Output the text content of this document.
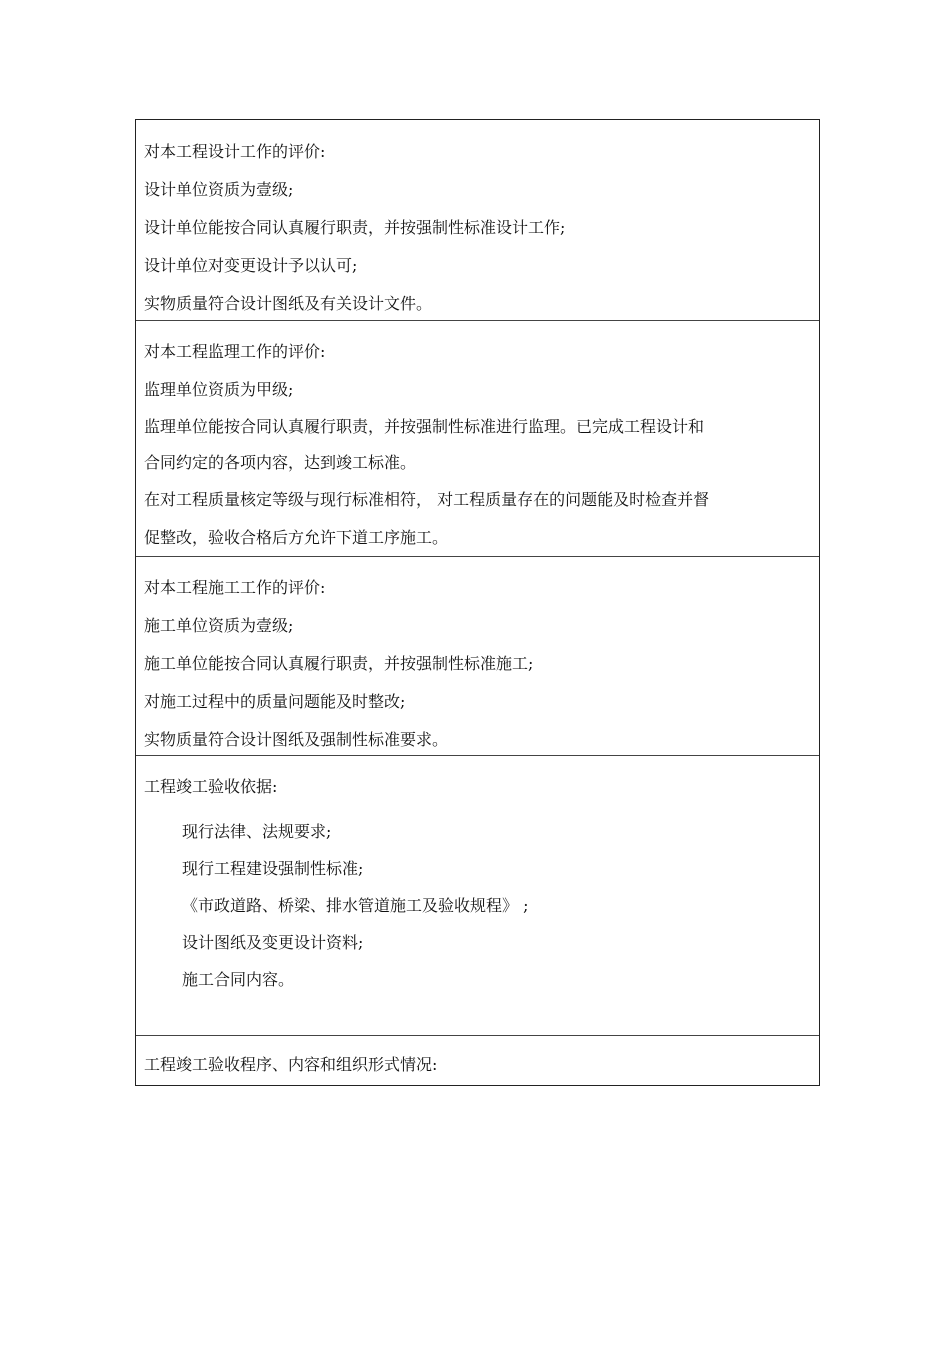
对本工程设计工作的评价:
设计单位资质为壹级;
设计单位能按合同认真履行职责，并按强制性标准设计工作;
设计单位对变更设计予以认可;
实物质量符合设计图纸及有关设计文件。
对本工程监理工作的评价:
监理单位资质为甲级;
监理单位能按合同认真履行职责，并按强制性标准进行监理。已完成工程设计和
合同约定的各项内容，达到竣工标准。
在对工程质量核定等级与现行标准相符， 对工程质量存在的问题能及时检查并督
促整改，验收合格后方允许下道工序施工。
对本工程施工工作的评价:
施工单位资质为壹级;
施工单位能按合同认真履行职责，并按强制性标准施工;
对施工过程中的质量问题能及时整改;
实物质量符合设计图纸及强制性标准要求。
工程竣工验收依据:
现行法律、法规要求;
现行工程建设强制性标准;
《市政道路、桥梁、排水管道施工及验收规程》 ;
设计图纸及变更设计资料;
施工合同内容。
工程竣工验收程序、内容和组织形式情况:
